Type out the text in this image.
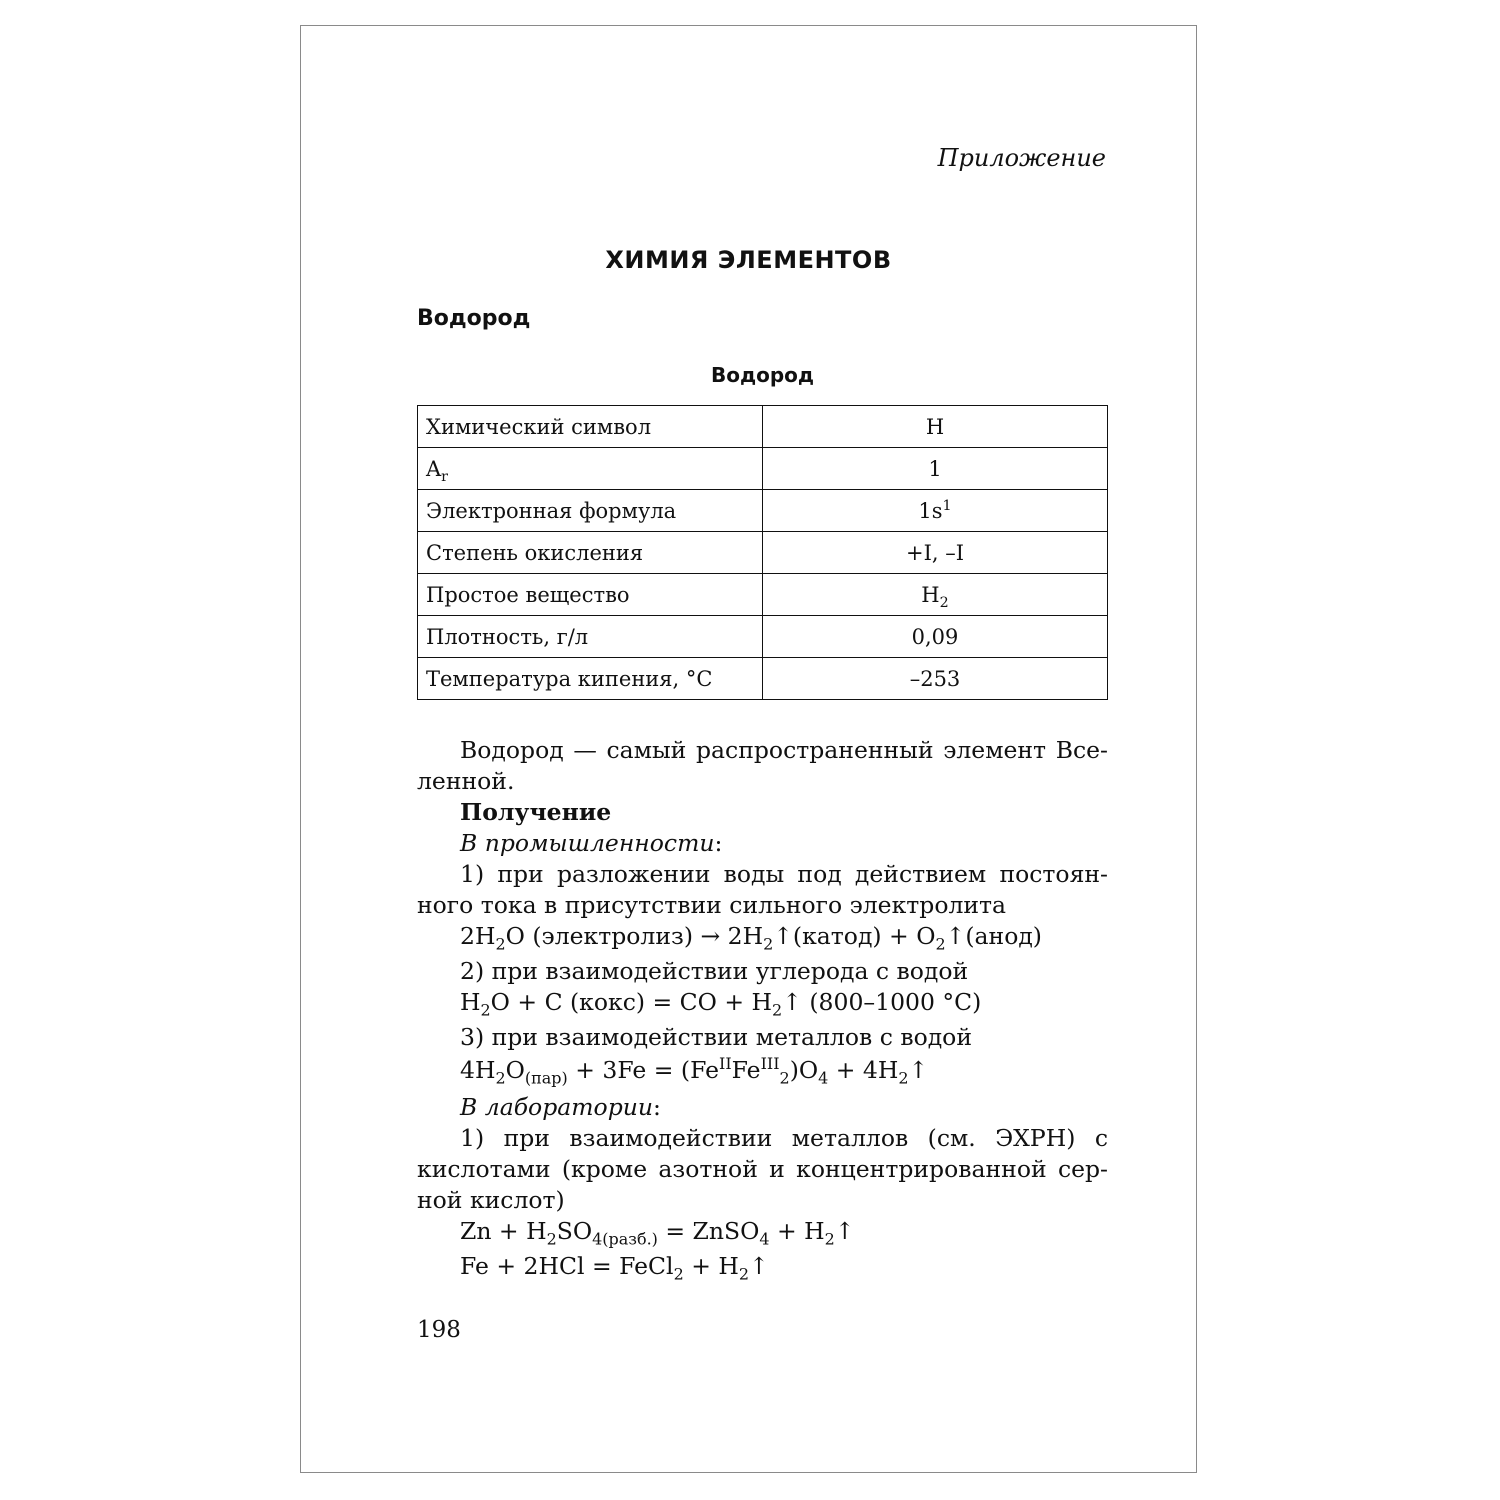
Приложение
ХИМИЯ ЭЛЕМЕНТОВ
Водород
Водород
Химический символ	H
$A_r$	1
Электронная формула	$1s^1$
Степень окисления	+I, –I
Простое вещество	$H_2$
Плотность, г/л	0,09
Температура кипения, °С	–253
Водород — самый распространенный элемент Все-
ленной.
Получение
В промышленности:
1) при разложении воды под действием постоян-
ного тока в присутствии сильного электролита
$2H_2O$ (электролиз) → $2H_2↑(катод)$ + $O_2↑(анод)$
2) при взаимодействии углерода с водой
$H_2O + C$ (кокс) = CO + $H_2↑$ (800–1000 °С)
3) при взаимодействии металлов с водой
$4H_2O_{(пар)} + 3Fe = (Fe^{II}Fe^{III}_2)O_4$ + $4H_2↑$
В лаборатории:
1) при взаимодействии металлов (см. ЭХРН) с
кислотами (кроме азотной и концентрированной сер-
ной кислот)
$Zn + H_2SO_{4(разб.)}$ = ZnSO$_4$ + $H_2↑$
Fe + 2HCl = FeCl$_2$ + $H_2↑$
198
